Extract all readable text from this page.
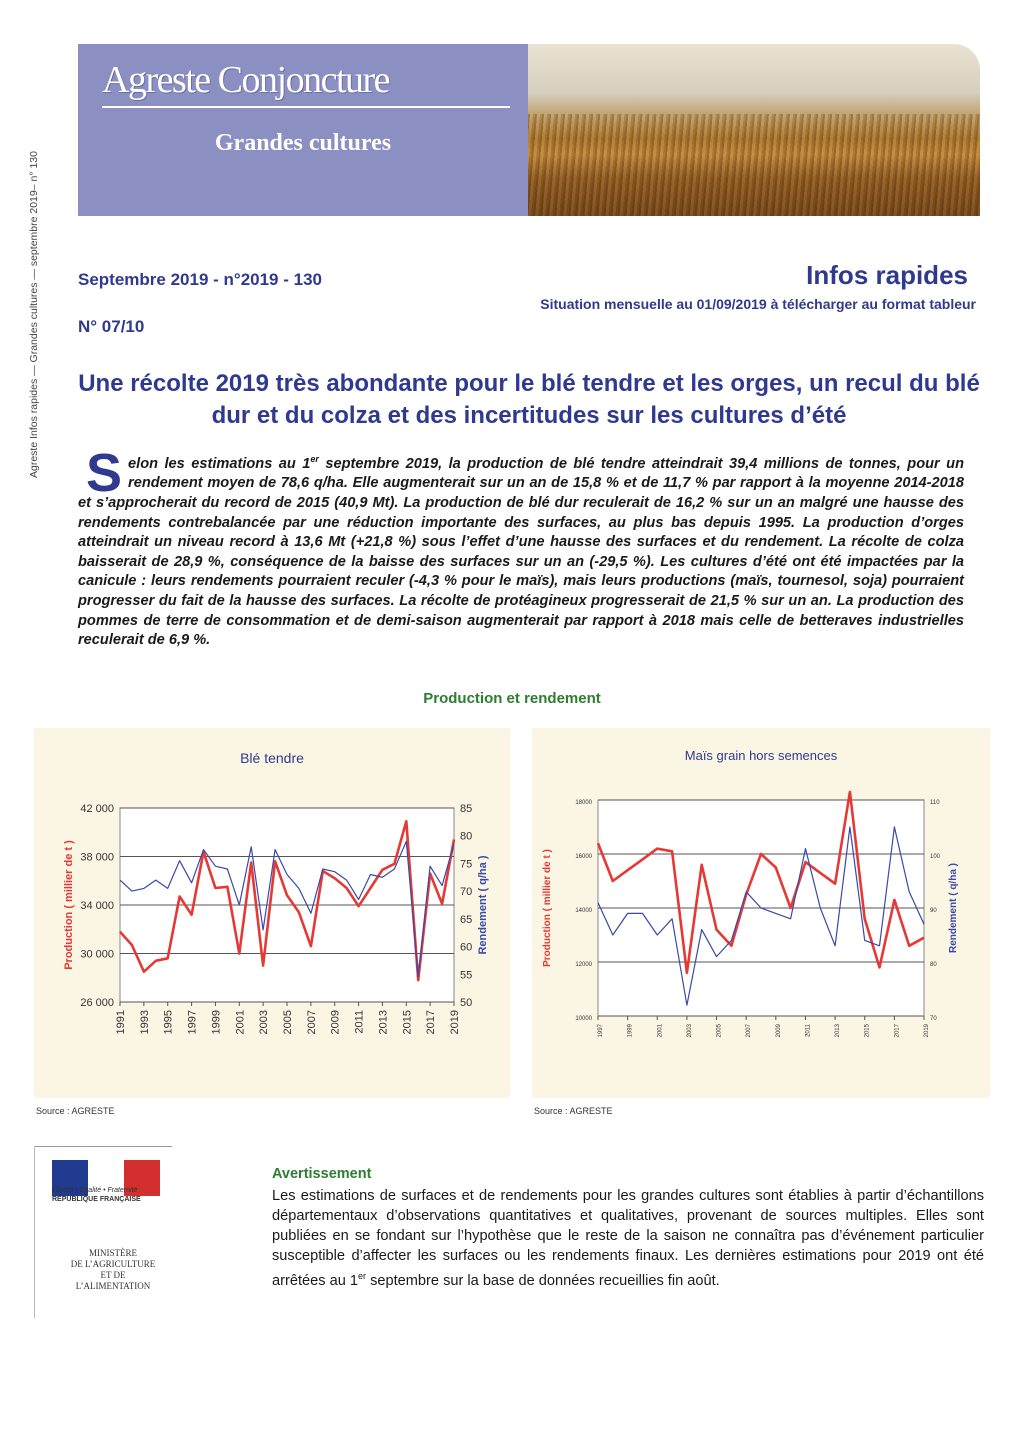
Agreste Infos rapides — Grandes cultures — septembre 2019– n° 130
Agreste Conjoncture
Grandes cultures
Septembre 2019 - n°2019 - 130
N° 07/10
Infos rapides
Situation mensuelle au 01/09/2019 à télécharger au format tableur
Une récolte 2019 très abondante pour le blé tendre et les orges, un recul du blé dur et du colza et des incertitudes sur les cultures d’été
Selon les estimations au 1er septembre 2019, la production de blé tendre atteindrait 39,4 millions de tonnes, pour un rendement moyen de 78,6 q/ha. Elle augmenterait sur un an de 15,8 % et de 11,7 % par rapport à la moyenne 2014-2018 et s’approcherait du record de 2015 (40,9 Mt). La production de blé dur reculerait de 16,2 % sur un an malgré une hausse des rendements contrebalancée par une réduction importante des surfaces, au plus bas depuis 1995. La production d’orges atteindrait un niveau record à 13,6 Mt (+21,8 %) sous l’effet d’une hausse des surfaces et du rendement. La récolte de colza baisserait de 28,9 %, conséquence de la baisse des surfaces sur un an (-29,5 %). Les cultures d’été ont été impactées par la canicule : leurs rendements pourraient reculer (-4,3 % pour le maïs), mais leurs productions (maïs, tournesol, soja) pourraient progresser du fait de la hausse des surfaces. La récolte de protéagineux progresserait de 21,5 % sur un an. La production des pommes de terre de consommation et de demi-saison augmenterait par rapport à 2018 mais celle de betteraves industrielles reculerait de 6,9 %.
Production et rendement
Blé tendre
26 000
30 000
34 000
38 000
42 000
50
55
60
65
70
75
80
85
1991 1993 1995 1997 1999 2001 2003 2005 2007 2009 2011 2013 2015 2017 2019
Production ( millier de t )	Rendement ( q/ha )
Source : AGRESTE
Maïs grain hors semences
10000
12000
14000
16000
18000
70
80
90
100
110
1997	1999	2001	2003	2005	2007	2009	2011	2013	2015	2017	2019
Production ( millier de t )	Rendement ( q/ha )
Source : AGRESTE
Liberté • Égalité • Fraternité
RÉPUBLIQUE FRANÇAISE
MINISTÈRE
DE L’AGRICULTURE
ET DE
L’ALIMENTATION
Avertissement
Les estimations de surfaces et de rendements pour les grandes cultures sont établies à partir d’échantillons départementaux d’observations quantitatives et qualitatives, provenant de sources multiples. Elles sont publiées en se fondant sur l’hypothèse que le reste de la saison ne connaîtra pas d’événement particulier susceptible d’affecter les surfaces ou les rendements finaux. Les dernières estimations pour 2019 ont été arrêtées au 1er septembre sur la base de données recueillies fin août.
